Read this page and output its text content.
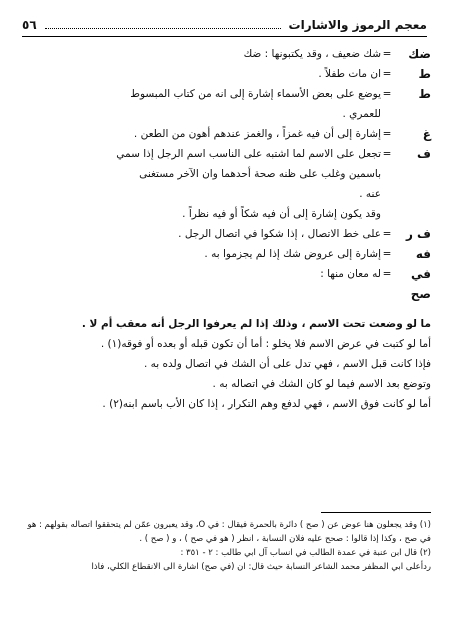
معجم الرموز والاشارات
٥٦
ضك
=
شك ضعيف ، وقد يكتبونها : ضك
ط
=
ان مات طفلاً .
ط
=
يوضع على بعض الأسماء إشارة إلى انه من كتاب المبسوط
للعمري .
غ
=
إشارة إلى أن فيه غمزاً ، والغمز عندهم أهون من الطعن .
ف
=
تجعل على الاسم لما اشتبه على الناسب اسم الرجل إذا سمي
باسمين وغلب على ظنه صحة أحدهما وان الآخر مستغنى
عنه .
وقد يكون إشارة إلى أن فيه شكاً أو فيه نظراً .
ف ر
=
على خط الاتصال ، إذا شكوا في اتصال الرجل .
فه
=
إشارة إلى عروض شك إذا لم يجزموا به .
في صح
=
له معان منها :

ما لو وضعت تحت الاسم ، وذلك إذا لم يعرفوا الرجل أنه معقب أم لا .

أما لو كتبت في عرض الاسم فلا يخلو : أما أن تكون قبله أو بعده أو فوقه(١) .

فإذا كانت قبل الاسم ، فهي تدل على أن الشك في اتصال ولده به .

وتوضع بعد الاسم فيما لو كان الشك في اتصاله به .

أما لو كانت فوق الاسم ، فهي لدفع وهم التكرار ، إذا كان الأب باسم ابنه(٢) .

(١) وقد يجعلون هنا عوض عن ( صح ) دائرة بالحمرة فيقال : في O، وقد يعبرون عمّن لم يتحققوا اتصاله بقولهم : هو في صح ، وكذا إذا قالوا : صحح عليه فلان النسابة ، انظر ( هو في صح ) ، و ( صح ) .

(٢) قال ابن عنبة في عمدة الطالب في انساب آل ابي طالب : ٢ - ٣٥١ :

ردأعلى ابي المظفر محمد الشاعر النسابة حيث قال: ان (في صح) اشارة الى الانقطاع الكلي، فاذا
